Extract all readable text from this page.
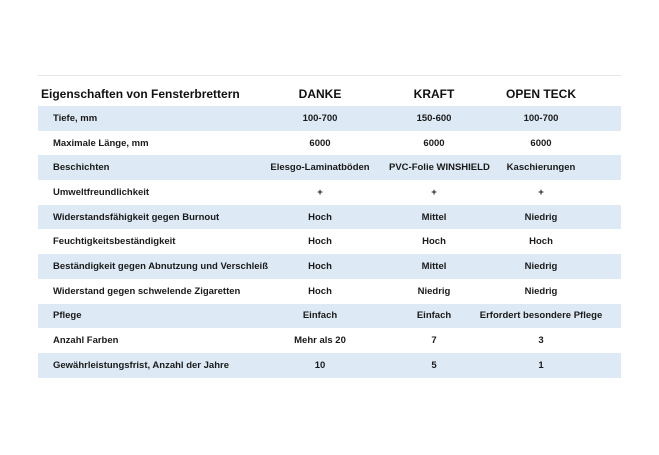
Eigenschaften von Fensterbrettern	DANKE	KRAFT	OPEN TECK
Tiefe, mm	100-700	150-600	100-700
Maximale Länge, mm	6000	6000	6000
Beschichten	Elesgo-Laminatböden	PVC-Folie WINSHIELD	Kaschierungen
Umweltfreundlichkeit	+	+	+
Widerstandsfähigkeit gegen Burnout	Hoch	Mittel	Niedrig
Feuchtigkeitsbeständigkeit	Hoch	Hoch	Hoch
Beständigkeit gegen Abnutzung und Verschleiß	Hoch	Mittel	Niedrig
Widerstand gegen schwelende Zigaretten	Hoch	Niedrig	Niedrig
Pflege	Einfach	Einfach	Erfordert besondere Pflege
Anzahl Farben	Mehr als 20	7	3
Gewährleistungsfrist, Anzahl der Jahre	10	5	1
